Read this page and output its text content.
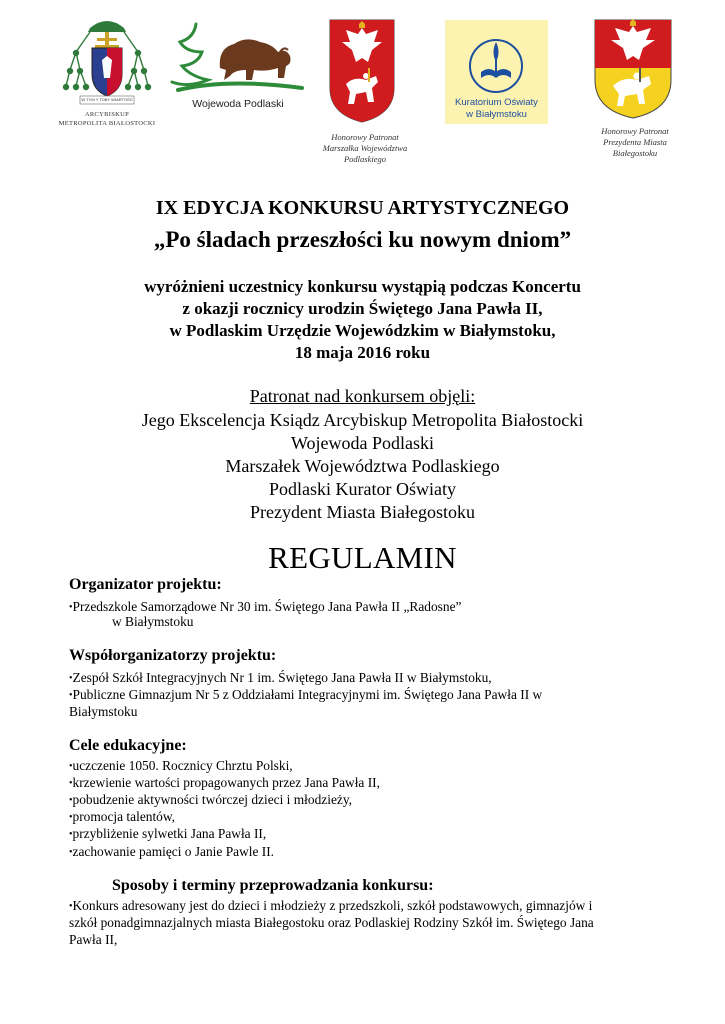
W TYM Y TOBY WIARTOŚĆ
ARCYBISKUP
METROPOLITA BIAŁOSTOCKI
Wojewoda Podlaski
Honorowy Patronat
Marszałka Województwa
Podlaskiego
Kuratorium Oświaty
w Białymstoku
Honorowy Patronat
Prezydenta Miasta
Białegostoku
IX EDYCJA KONKURSU ARTYSTYCZNEGO
„Po śladach przeszłości ku nowym dniom”
wyróżnieni uczestnicy konkursu wystąpią podczas Koncertu
z okazji rocznicy urodzin Świętego Jana Pawła II,
w Podlaskim Urzędzie Wojewódzkim w Białymstoku,
18 maja 2016 roku
Patronat nad konkursem objęli:
Jego Ekscelencja Ksiądz Arcybiskup Metropolita Białostocki
Wojewoda Podlaski
Marszałek Województwa Podlaskiego
Podlaski Kurator Oświaty
Prezydent Miasta Białegostoku
REGULAMIN
Organizator projektu:
•Przedszkole Samorządowe Nr 30 im. Świętego Jana Pawła II „Radosne”
w Białymstoku
Współorganizatorzy projektu:
•Zespół Szkół Integracyjnych Nr 1 im. Świętego Jana Pawła II w Białymstoku,
•Publiczne Gimnazjum Nr 5 z Oddziałami Integracyjnymi im. Świętego Jana Pawła II w
Białymstoku
Cele edukacyjne:
•uczczenie 1050. Rocznicy Chrztu Polski,
•krzewienie wartości propagowanych przez Jana Pawła II,
•pobudzenie aktywności twórczej dzieci i młodzieży,
•promocja talentów,
•przybliżenie sylwetki Jana Pawła II,
•zachowanie pamięci o Janie Pawle II.
Sposoby i terminy przeprowadzania konkursu:
•Konkurs adresowany jest do dzieci i młodzieży z przedszkoli, szkół podstawowych, gimnazjów i
szkół ponadgimnazjalnych miasta Białegostoku oraz Podlaskiej Rodziny Szkół im. Świętego Jana
Pawła II,
